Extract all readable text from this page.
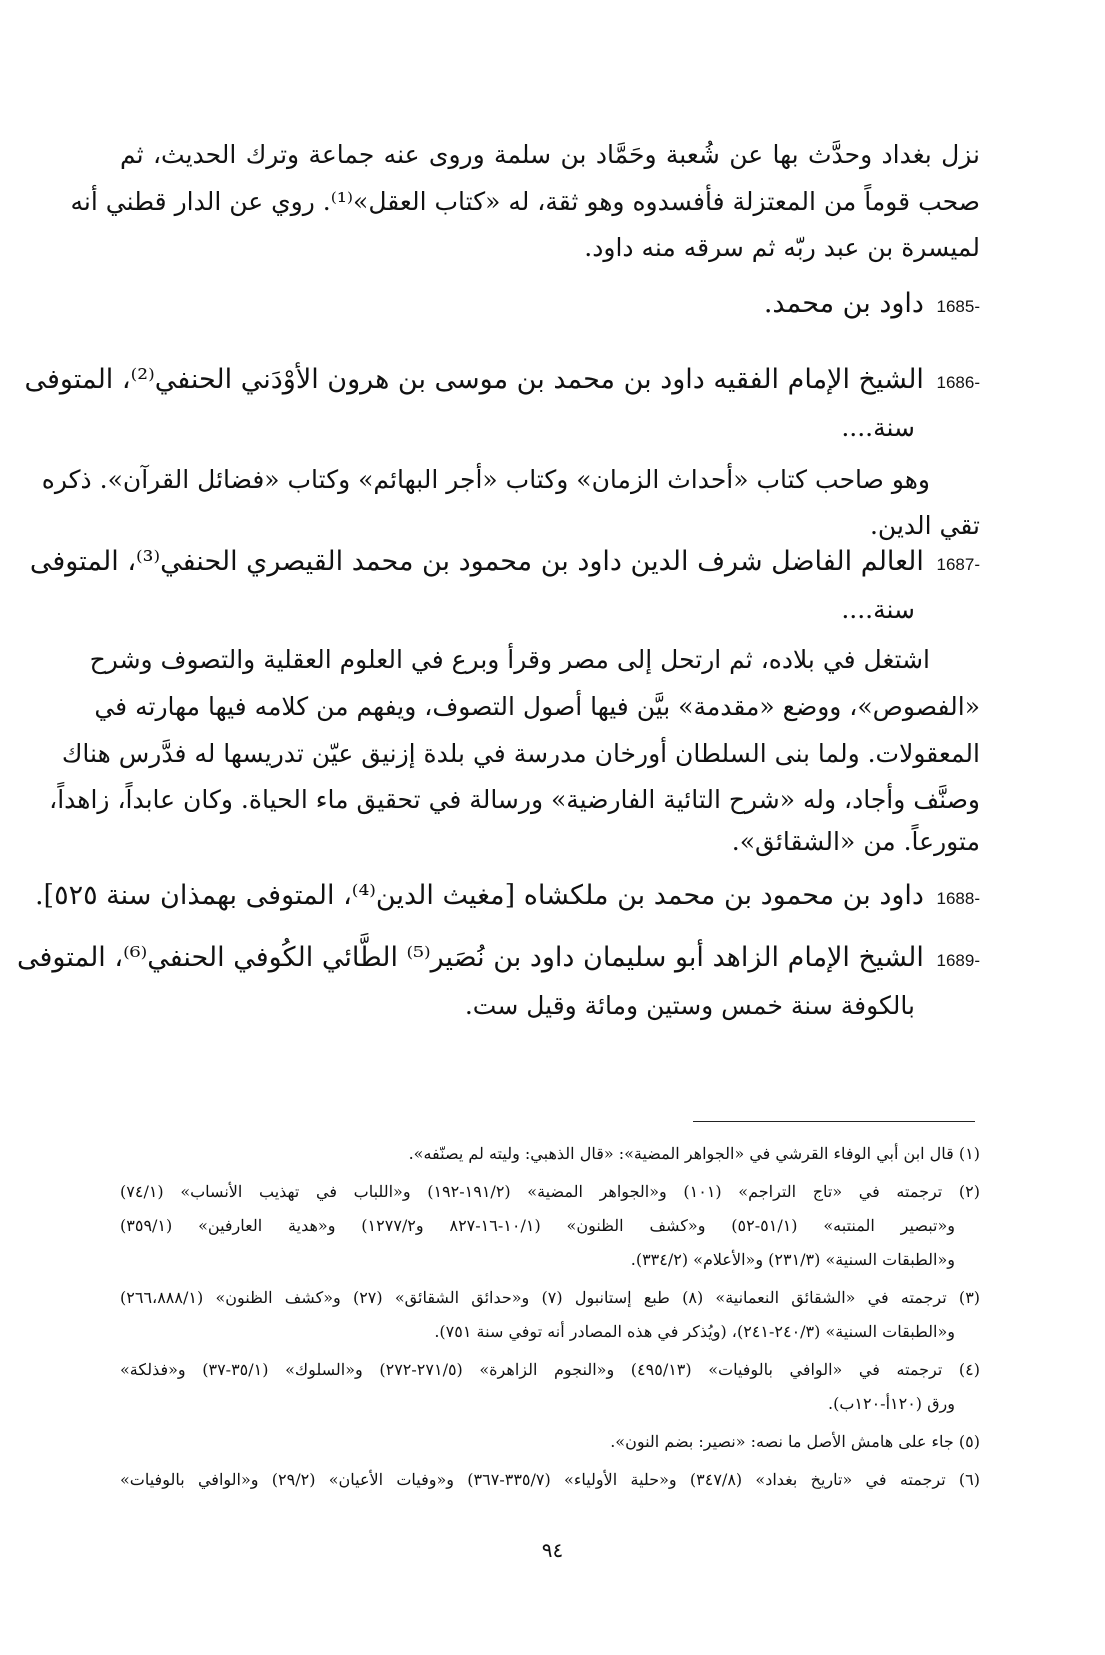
نزل بغداد وحدَّث بها عن شُعبة وحَمَّاد بن سلمة وروى عنه جماعة وترك الحديث، ثم
صحب قوماً من المعتزلة فأفسدوه وهو ثقة، له «كتاب العقل»⁽¹⁾. روي عن الدار قطني أنه
لميسرة بن عبد ربّه ثم سرقه منه داود.
1685- داود بن محمد.
1686- الشيخ الإمام الفقيه داود بن محمد بن موسى بن هرون الأوْدَني الحنفي⁽²⁾، المتوفى
سنة....
وهو صاحب كتاب «أحداث الزمان» وكتاب «أجر البهائم» وكتاب «فضائل القرآن». ذكره
تقي الدين.
1687- العالم الفاضل شرف الدين داود بن محمود بن محمد القيصري الحنفي⁽³⁾، المتوفى
سنة....
اشتغل في بلاده، ثم ارتحل إلى مصر وقرأ وبرع في العلوم العقلية والتصوف وشرح
«الفصوص»، ووضع «مقدمة» بيَّن فيها أصول التصوف، ويفهم من كلامه فيها مهارته في
المعقولات. ولما بنى السلطان أورخان مدرسة في بلدة إزنيق عيّن تدريسها له فدَّرس هناك
وصنَّف وأجاد، وله «شرح التائية الفارضية» ورسالة في تحقيق ماء الحياة. وكان عابداً، زاهداً،
متورعاً. من «الشقائق».
1688- داود بن محمود بن محمد بن ملكشاه [مغيث الدين⁽⁴⁾، المتوفى بهمذان سنة ٥٢٥].
1689- الشيخ الإمام الزاهد أبو سليمان داود بن نُصَير⁽⁵⁾ الطَّائي الكُوفي الحنفي⁽⁶⁾، المتوفى
بالكوفة سنة خمس وستين ومائة وقيل ست.
(١) قال ابن أبي الوفاء القرشي في «الجواهر المضية»: «قال الذهبي: وليته لم يصنّفه».
(٢) ترجمته في «تاج التراجم» (١٠١) و«الجواهر المضية» (١٩١/٢-١٩٢) و«اللباب في تهذيب الأنساب» (٧٤/١)
و«تبصير المنتبه» (٥١/١-٥٢) و«كشف الظنون» (١٠/١-١٦-٨٢٧ و١٢٧٧/٢) و«هدية العارفين» (٣٥٩/١)
و«الطبقات السنية» (٢٣١/٣) و«الأعلام» (٣٣٤/٢).
(٣) ترجمته في «الشقائق النعمانية» (٨) طبع إستانبول (٧) و«حدائق الشقائق» (٢٧) و«كشف الظنون» (٢٦٦،٨٨٨/١)
و«الطبقات السنية» (٢٤٠/٣-٢٤١)، (ويُذكر في هذه المصادر أنه توفي سنة ٧٥١).
(٤) ترجمته في «الوافي بالوفيات» (٤٩٥/١٣) و«النجوم الزاهرة» (٢٧١/٥-٢٧٢) و«السلوك» (٣٥/١-٣٧) و«فذلكة»
ورق (١٢٠أ-١٢٠ب).
(٥) جاء على هامش الأصل ما نصه: «نصير: بضم النون».
(٦) ترجمته في «تاريخ بغداد» (٣٤٧/٨) و«حلية الأولياء» (٣٣٥/٧-٣٦٧) و«وفيات الأعيان» (٢٩/٢) و«الوافي بالوفيات»
٩٤
